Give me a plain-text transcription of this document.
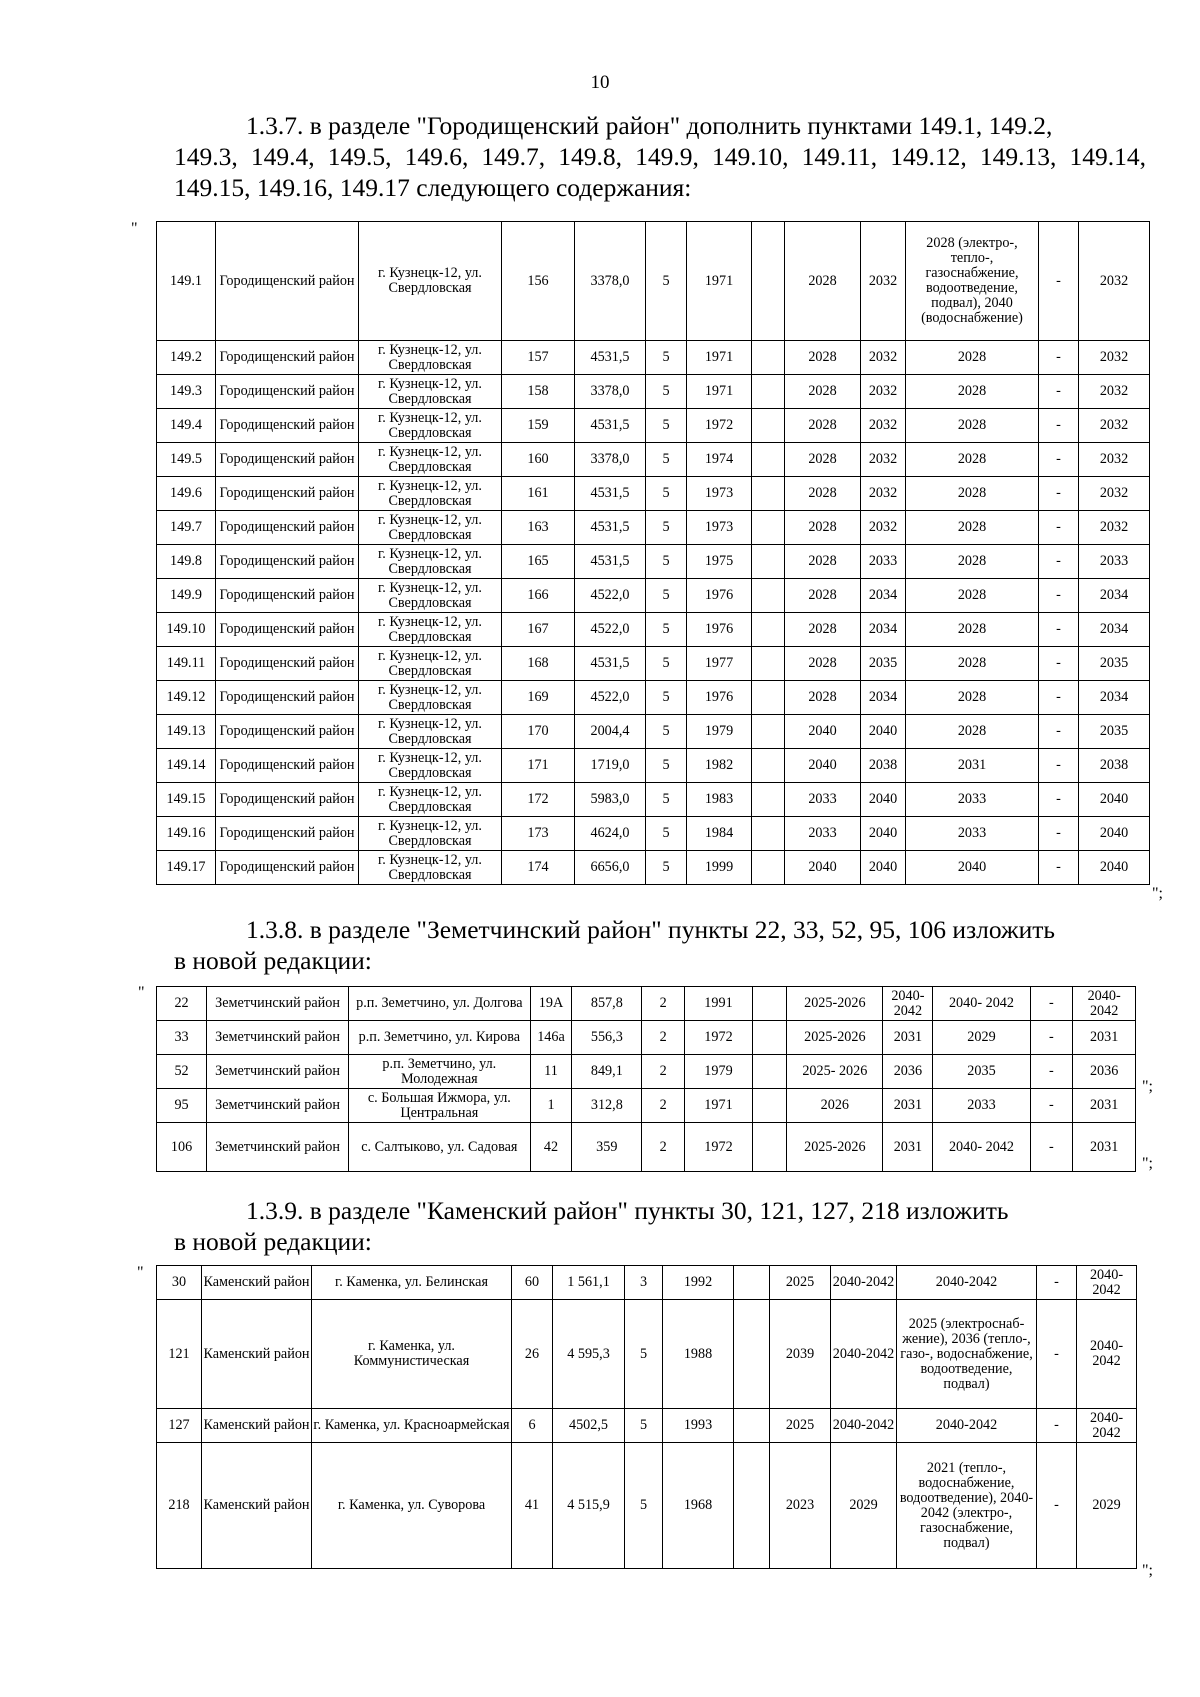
10
1.3.7. в разделе "Городищенский район" дополнить пунктами 149.1, 149.2,
149.3, 149.4, 149.5, 149.6, 149.7, 149.8, 149.9, 149.10, 149.11, 149.12, 149.13, 149.14, 149.15, 149.16, 149.17 следующего содержания:
"
149.1	Городищенский район	г. Кузнецк-12, ул. Свердловская	156	3378,0	5	1971		2028	2032	2028 (электро-, тепло-, газоснабжение, водоотведение, подвал), 2040 (водоснабжение)	-	2032
149.2	Городищенский район	г. Кузнецк-12, ул. Свердловская	157	4531,5	5	1971		2028	2032	2028	-	2032
149.3	Городищенский район	г. Кузнецк-12, ул. Свердловская	158	3378,0	5	1971		2028	2032	2028	-	2032
149.4	Городищенский район	г. Кузнецк-12, ул. Свердловская	159	4531,5	5	1972		2028	2032	2028	-	2032
149.5	Городищенский район	г. Кузнецк-12, ул. Свердловская	160	3378,0	5	1974		2028	2032	2028	-	2032
149.6	Городищенский район	г. Кузнецк-12, ул. Свердловская	161	4531,5	5	1973		2028	2032	2028	-	2032
149.7	Городищенский район	г. Кузнецк-12, ул. Свердловская	163	4531,5	5	1973		2028	2032	2028	-	2032
149.8	Городищенский район	г. Кузнецк-12, ул. Свердловская	165	4531,5	5	1975		2028	2033	2028	-	2033
149.9	Городищенский район	г. Кузнецк-12, ул. Свердловская	166	4522,0	5	1976		2028	2034	2028	-	2034
149.10	Городищенский район	г. Кузнецк-12, ул. Свердловская	167	4522,0	5	1976		2028	2034	2028	-	2034
149.11	Городищенский район	г. Кузнецк-12, ул. Свердловская	168	4531,5	5	1977		2028	2035	2028	-	2035
149.12	Городищенский район	г. Кузнецк-12, ул. Свердловская	169	4522,0	5	1976		2028	2034	2028	-	2034
149.13	Городищенский район	г. Кузнецк-12, ул. Свердловская	170	2004,4	5	1979		2040	2040	2028	-	2035
149.14	Городищенский район	г. Кузнецк-12, ул. Свердловская	171	1719,0	5	1982		2040	2038	2031	-	2038
149.15	Городищенский район	г. Кузнецк-12, ул. Свердловская	172	5983,0	5	1983		2033	2040	2033	-	2040
149.16	Городищенский район	г. Кузнецк-12, ул. Свердловская	173	4624,0	5	1984		2033	2040	2033	-	2040
149.17	Городищенский район	г. Кузнецк-12, ул. Свердловская	174	6656,0	5	1999		2040	2040	2040	-	2040
";
1.3.8. в разделе "Земетчинский район" пункты 22, 33, 52, 95, 106 изложить
в новой редакции:
"
22	Земетчинский район	р.п. Земетчино, ул. Долгова	19А	857,8	2	1991		2025-2026	2040-2042	2040- 2042	-	2040-2042
33	Земетчинский район	р.п. Земетчино, ул. Кирова	146а	556,3	2	1972		2025-2026	2031	2029	-	2031
52	Земетчинский район	р.п. Земетчино, ул. Молодежная	11	849,1	2	1979		2025- 2026	2036	2035	-	2036
95	Земетчинский район	с. Большая Ижмора, ул. Центральная	1	312,8	2	1971		2026	2031	2033	-	2031
106	Земетчинский район	с. Салтыково, ул. Садовая	42	359	2	1972		2025-2026	2031	2040- 2042	-	2031
";
";
1.3.9. в разделе "Каменский район" пункты 30, 121, 127, 218 изложить
в новой редакции:
"
30	Каменский район	г. Каменка, ул. Белинская	60	1 561,1	3	1992		2025	2040-2042	2040-2042	-	2040-2042
121	Каменский район	г. Каменка, ул. Коммунистическая	26	4 595,3	5	1988		2039	2040-2042	2025 (электроснаб-жение), 2036 (тепло-, газо-, водоснабжение, водоотведение, подвал)	-	2040-2042
127	Каменский район	г. Каменка, ул. Красноармейская	6	4502,5	5	1993		2025	2040-2042	2040-2042	-	2040-2042
218	Каменский район	г. Каменка, ул. Суворова	41	4 515,9	5	1968		2023	2029	2021 (тепло-, водоснабжение, водоотведение), 2040-2042 (электро-, газоснабжение, подвал)	-	2029
";
